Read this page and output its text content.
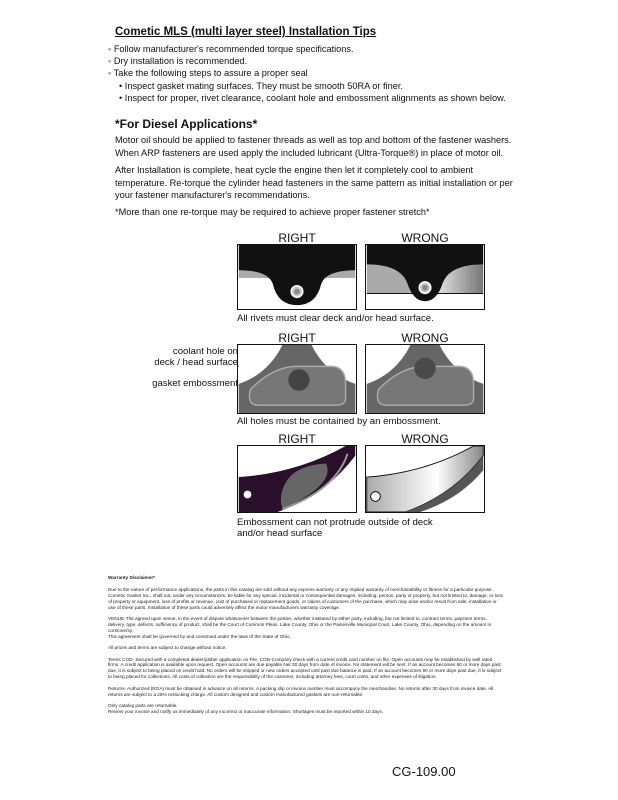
Cometic MLS (multi layer steel) Installation Tips
◦ Follow manufacturer's recommended torque specifications.
◦ Dry installation is recommended.
◦ Take the following steps to assure a proper seal
• Inspect gasket mating surfaces. They must be smooth 50RA or finer.
• Inspect for proper, rivet clearance, coolant hole and embossment alignments as shown below.
*For Diesel Applications*
Motor oil should be applied to fastener threads as well as top and bottom of the fastener washers. When ARP fasteners are used apply the included lubricant (Ultra-Torque®) in place of motor oil.
After Installation is complete, heat cycle the engine then let it completely cool to ambient temperature. Re-torque the cylinder head fasteners in the same pattern as initial installation or per your fastener manufacturer's recommendations.
*More than one re-torque may be required to achieve proper fastener stretch*
RIGHT	WRONG
All rivets must clear deck and/or head surface.
RIGHT	WRONG
coolant hole on
deck / head surface
gasket embossment
All holes must be contained by an embossment.
RIGHT	WRONG
Embossment can not protrude outside of deck
and/or head surface

Warranty Disclaimer*

Due to the nature of performance applications, the parts in this catalog are sold without any express warranty or any implied warranty of merchantability or fitness for a particular purpose. Cometic Gasket Inc., shall not, under any circumstances, be liable for any special, incidental or consequential damages, including, person, party or property, but not limited to, damage, or loss of property or equipment, loss of profits or revenue, cost of purchased or replacement goods, or claims of customers of the purchase, which may arise and/or result from sale, installation or use of these parts. Installation of these parts could adversely affect the motor manufacturers warranty coverage.

VENUE-The agreed upon venue, in the event of dispute whatsoever between the parties, whether instituted by either party, including, but not limited to, contract terms, payment terms, delivery, type, defects, sufficiency of product, shall be the Court of Common Pleas, Lake County, Ohio or the Painesville Municipal Court, Lake County, Ohio, depending on the amount in controversy.
This agreement shall be governed by and construed under the laws of the State of Ohio.

All prices and terms are subject to change without notice.

Terms COD- Secured with a completed dealer/jobber application on File, COD-Company check with a current credit card number on file. Open accounts may be established by well rated firms. A credit application is available upon request. Open accounts are due payable Net 30 days from date of invoice. No statement will be sent. If an account becomes 60 or more days past due, it is subject to being placed on credit hold. No orders will be shipped or new orders accepted until past due balance is paid. If an account becomes 90 or more days past due, it is subject to being placed for collections. All costs of collection are the responsibility of the customer, including attorney fees, court costs, and other expenses of litigation.

Returns- Authorized (RGA) must be obtained in advance on all returns. A packing slip or invoice number must accompany the merchandise. No returns after 30 days from invoice date. All returns are subject to a 25% restocking charge. All custom designed and custom manufactured gaskets are non-returnable.

Only catalog parts are returnable.
Review your invoice and notify us immediately of any incorrect or inaccurate information. Shortages must be reported within 10 days.

CG-109.00
